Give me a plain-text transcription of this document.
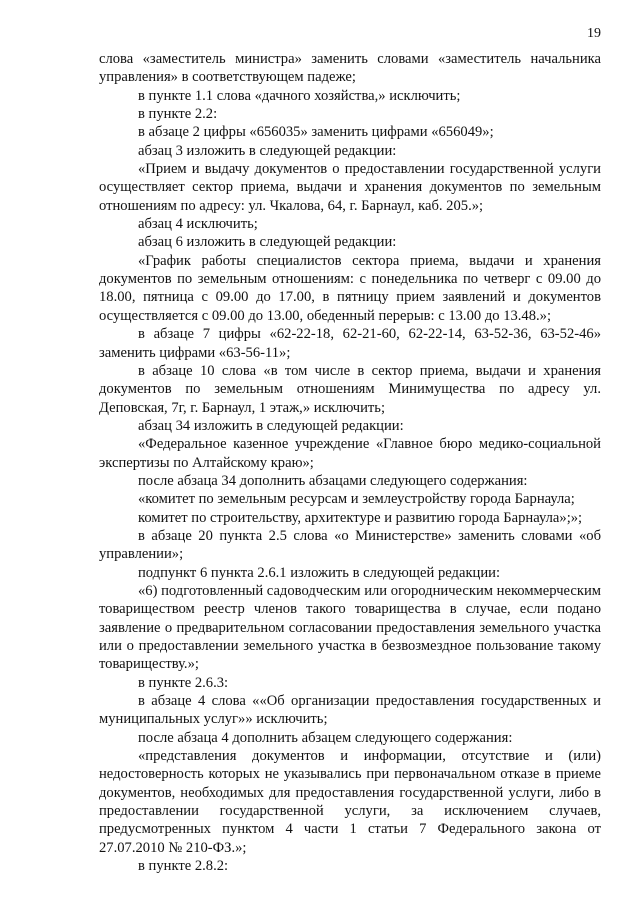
19

слова «заместитель министра» заменить словами «заместитель начальника управления» в соответствующем падеже;

в пункте 1.1 слова «дачного хозяйства,» исключить;

в пункте 2.2:

в абзаце 2 цифры «656035» заменить цифрами «656049»;

абзац 3 изложить в следующей редакции:

«Прием и выдачу документов о предоставлении государственной услуги осуществляет сектор приема, выдачи и хранения документов по земельным отношениям по адресу: ул. Чкалова, 64, г. Барнаул, каб. 205.»;

абзац 4 исключить;

абзац 6 изложить в следующей редакции:

«График работы специалистов сектора приема, выдачи и хранения документов по земельным отношениям: с понедельника по четверг с 09.00 до 18.00, пятница с 09.00 до 17.00, в пятницу прием заявлений и документов осуществляется с 09.00 до 13.00, обеденный перерыв: с 13.00 до 13.48.»;

в абзаце 7 цифры «62-22-18, 62-21-60, 62-22-14, 63-52-36, 63-52-46» заменить цифрами «63-56-11»;

в абзаце 10 слова «в том числе в сектор приема, выдачи и хранения документов по земельным отношениям Минимущества по адресу ул. Деповская, 7г, г. Барнаул, 1 этаж,» исключить;

абзац 34 изложить в следующей редакции:

«Федеральное казенное учреждение «Главное бюро медико-социальной экспертизы по Алтайскому краю»;

после абзаца 34 дополнить абзацами следующего содержания:

«комитет по земельным ресурсам и землеустройству города Барнаула;

комитет по строительству, архитектуре и развитию города Барнаула»;»;

в абзаце 20 пункта 2.5 слова «о Министерстве» заменить словами «об управлении»;

подпункт 6 пункта 2.6.1 изложить в следующей редакции:

«6) подготовленный садоводческим или огородническим некоммерческим товариществом реестр членов такого товарищества в случае, если подано заявление о предварительном согласовании предоставления земельного участка или о предоставлении земельного участка в безвозмездное пользование такому товариществу.»;

в пункте 2.6.3:

в абзаце 4 слова ««Об организации предоставления государственных и муниципальных услуг»» исключить;

после абзаца 4 дополнить абзацем следующего содержания:

«представления документов и информации, отсутствие и (или) недостоверность которых не указывались при первоначальном отказе в приеме документов, необходимых для предоставления государственной услуги, либо в предоставлении государственной услуги, за исключением случаев, предусмотренных пунктом 4 части 1 статьи 7 Федерального закона от 27.07.2010 № 210-ФЗ.»;

в пункте 2.8.2:
